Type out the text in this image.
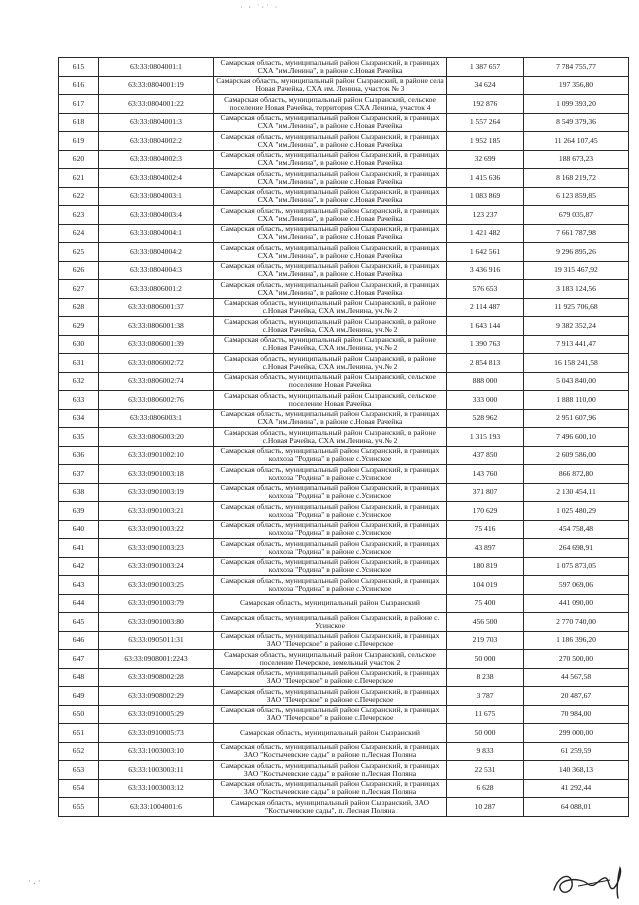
· ⸱ ˙·˙ ·
615	63:33:0804001:1	Самарская область, муниципальный район Сызранский, в границах СХА "им.Ленина", в районе с.Новая Рачейка	1 387 657	7 784 755,77
616	63:33:0804001:19	Самарская область, муниципальный район Сызранский, в районе села Новая Рачейка, СХА им. Ленина, участок № 3	34 624	197 356,80
617	63:33:0804001:22	Самарская область, муниципальный район Сызранский, сельское поселение Новая Рачейка, территория СХА Ленина, участок 4	192 876	1 099 393,20
618	63:33:0804001:3	Самарская область, муниципальный район Сызранский, в границах СХА "им.Ленина", в районе с.Новая Рачейка	1 557 264	8 549 379,36
619	63:33:0804002:2	Самарская область, муниципальный район Сызранский, в границах СХА "им.Ленина", в районе с.Новая Рачейка	1 952 185	11 264 107,45
620	63:33:0804002:3	Самарская область, муниципальный район Сызранский, в границах СХА "им.Ленина", в районе с.Новая Рачейка	32 699	188 673,23
621	63:33:0804002:4	Самарская область, муниципальный район Сызранский, в границах СХА "им.Ленина", в районе с.Новая Рачейка	1 415 636	8 168 219,72
622	63:33:0804003:1	Самарская область, муниципальный район Сызранский, в границах СХА "им.Ленина", в районе с.Новая Рачейка	1 083 869	6 123 859,85
623	63:33:0804003:4	Самарская область, муниципальный район Сызранский, в границах СХА "им.Ленина", в районе с.Новая Рачейка	123 237	679 035,87
624	63:33:0804004:1	Самарская область, муниципальный район Сызранский, в границах СХА "им.Ленина", в районе с.Новая Рачейка	1 421 482	7 661 787,98
625	63:33:0804004:2	Самарская область, муниципальный район Сызранский, в границах СХА "им.Ленина", в районе с.Новая Рачейка	1 642 561	9 296 895,26
626	63:33:0804004:3	Самарская область, муниципальный район Сызранский, в границах СХА "им.Ленина", в районе с.Новая Рачейка	3 436 916	19 315 467,92
627	63:33:0806001:2	Самарская область, муниципальный район Сызранский, в границах СХА "им.Ленина", в районе с.Новая Рачейка	576 653	3 183 124,56
628	63:33:0806001:37	Самарская область, муниципальный район Сызранский, в районе с.Новая Рачейка, СХА им.Ленина, уч.№ 2	2 114 487	11 925 706,68
629	63:33:0806001:38	Самарская область, муниципальный район Сызранский, в районе с.Новая Рачейка, СХА им.Ленина, уч.№ 2	1 643 144	9 382 352,24
630	63:33:0806001:39	Самарская область, муниципальный район Сызранский, в районе с.Новая Рачейка, СХА им.Ленина, уч.№ 2	1 390 763	7 913 441,47
631	63:33:0806002:72	Самарская область, муниципальный район Сызранский, в районе с.Новая Рачейка, СХА им.Ленина, уч.№ 2	2 854 813	16 158 241,58
632	63:33:0806002:74	Самарская область, муниципальный район Сызранский, сельское поселение Новая Рачейка	888 000	5 043 840,00
633	63:33:0806002:76	Самарская область, муниципальный район Сызранский, сельское поселение Новая Рачейка	333 000	1 888 110,00
634	63:33:0806003:1	Самарская область, муниципальный район Сызранский, в границах СХА "им.Ленина", в районе с.Новая Рачейка	528 962	2 951 607,96
635	63:33:0806003:20	Самарская область, муниципальный район Сызранский, в районе с.Новая Рачейка, СХА им.Ленина, уч.№ 2	1 315 193	7 496 600,10
636	63:33:0901002:10	Самарская область, муниципальный район Сызранский, в границах колхоза "Родина" в районе с.Усинское	437 850	2 609 586,00
637	63:33:0901003:18	Самарская область, муниципальный район Сызранский, в границах колхоза "Родина" в районе с.Усинское	143 760	866 872,80
638	63:33:0901003:19	Самарская область, муниципальный район Сызранский, в границах колхоза "Родина" в районе с.Усинское	371 807	2 130 454,11
639	63:33:0901003:21	Самарская область, муниципальный район Сызранский, в границах колхоза "Родина" в районе с.Усинское	170 629	1 025 480,29
640	63:33:0901003:22	Самарская область, муниципальный район Сызранский, в границах колхоза "Родина" в районе с.Усинское	75 416	454 758,48
641	63:33:0901003:23	Самарская область, муниципальный район Сызранский, в границах колхоза "Родина" в районе с.Усинское	43 897	264 698,91
642	63:33:0901003:24	Самарская область, муниципальный район Сызранский, в границах колхоза "Родина" в районе с.Усинское	180 819	1 075 873,05
643	63:33:0901003:25	Самарская область, муниципальный район Сызранский, в границах колхоза "Родина" в районе с.Усинское	104 019	597 069,06
644	63:33:0901003:79	Самарская область, муниципальный район Сызранский	75 400	441 090,00
645	63:33:0901003:80	Самарская область, муниципальный район Сызранский, в районе с. Усинское	456 500	2 770 740,00
646	63:33:0905011:31	Самарская область, муниципальный район Сызранский, в границах ЗАО "Печерское" в районе с.Печерское	219 703	1 186 396,20
647	63:33:0908001:2243	Самарская область, муниципальный район Сызранский, сельское поселение Печерское, земельный участок 2	50 000	270 500,00
648	63:33:0908002:28	Самарская область, муниципальный район Сызранский, в границах ЗАО "Печерское" в районе с.Печерское	8 238	44 567,58
649	63:33:0908002:29	Самарская область, муниципальный район Сызранский, в границах ЗАО "Печерское" в районе с.Печерское	3 787	20 487,67
650	63:33:0910005:29	Самарская область, муниципальный район Сызранский, в границах ЗАО "Печерское" в районе с.Печерское	11 675	70 984,00
651	63:33:0910005:73	Самарская область, муниципальный район Сызранский	50 000	299 000,00
652	63:33:1003003:10	Самарская область, муниципальный район Сызранский, в границах ЗАО "Костычевские сады" в районе п.Лесная Поляна	9 833	61 259,59
653	63:33:1003003:11	Самарская область, муниципальный район Сызранский, в границах ЗАО "Костычевские сады" в районе п.Лесная Поляна	22 531	140 368,13
654	63:33:1003003:12	Самарская область, муниципальный район Сызранский, в границах ЗАО "Костычевские сады" в районе п.Лесная Поляна	6 628	41 292,44
655	63:33:1004001:6	Самарская область, муниципальный район Сызранский, ЗАО "Костычевские сады", п. Лесная Поляна	10 287	64 088,01
· . ·
